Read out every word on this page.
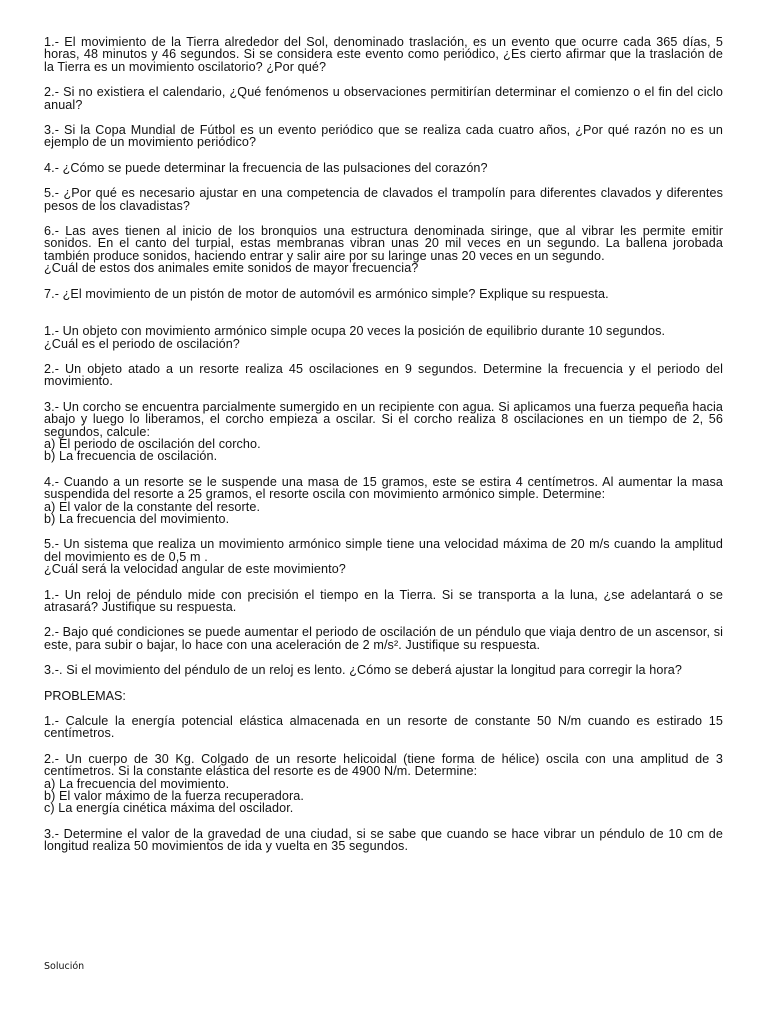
1.- El movimiento de la Tierra alrededor del Sol, denominado traslación, es un evento que ocurre cada 365 días, 5 horas, 48 minutos y 46 segundos. Si se considera este evento como periódico, ¿Es cierto afirmar que la traslación de la Tierra es un movimiento oscilatorio? ¿Por qué?

2.- Si no existiera el calendario, ¿Qué fenómenos u observaciones permitirían determinar el comienzo o el fin del ciclo anual?

3.- Si la Copa Mundial de Fútbol es un evento periódico que se realiza cada cuatro años, ¿Por qué razón no es un ejemplo de un movimiento periódico?

4.- ¿Cómo se puede determinar la frecuencia de las pulsaciones del corazón?

5.- ¿Por qué es necesario ajustar en una competencia de clavados el trampolín para diferentes clavados y diferentes pesos de los clavadistas?

6.- Las aves tienen al inicio de los bronquios una estructura denominada siringe, que al vibrar les permite emitir sonidos. En el canto del turpial, estas membranas vibran unas 20 mil veces en un segundo. La ballena jorobada también produce sonidos, haciendo entrar y salir aire por su laringe unas 20 veces en un segundo.
¿Cuál de estos dos animales emite sonidos de mayor frecuencia?

7.- ¿El movimiento de un pistón de motor de automóvil es armónico simple? Explique su respuesta.

1.- Un objeto con movimiento armónico simple ocupa 20 veces la posición de equilibrio durante 10 segundos.
¿Cuál es el periodo de oscilación?

2.- Un objeto atado a un resorte realiza 45 oscilaciones en 9 segundos. Determine la frecuencia y el periodo del movimiento.

3.- Un corcho se encuentra parcialmente sumergido en un recipiente con agua. Si aplicamos una fuerza pequeña hacia abajo y luego lo liberamos, el corcho empieza a oscilar. Si el corcho realiza 8 oscilaciones en un tiempo de 2, 56 segundos, calcule:
a) El periodo de oscilación del corcho.
b) La frecuencia de oscilación.

4.- Cuando a un resorte se le suspende una masa de 15 gramos, este se estira 4 centímetros. Al aumentar la masa suspendida del resorte a 25 gramos, el resorte oscila con movimiento armónico simple. Determine:
a) El valor de la constante del resorte.
b) La frecuencia del movimiento.

5.- Un sistema que realiza un movimiento armónico simple tiene una velocidad máxima de 20 m/s cuando la amplitud del movimiento es de 0,5 m .
¿Cuál será la velocidad angular de este movimiento?

1.- Un reloj de péndulo mide con precisión el tiempo en la Tierra. Si se transporta a la luna, ¿se adelantará o se atrasará? Justifique su respuesta.

2.- Bajo qué condiciones se puede aumentar el periodo de oscilación de un péndulo que viaja dentro de un ascensor, si este, para subir o bajar, lo hace con una aceleración de 2 m/s². Justifique su respuesta.

3.-. Si el movimiento del péndulo de un reloj es lento. ¿Cómo se deberá ajustar la longitud para corregir la hora?

PROBLEMAS:

1.- Calcule la energía potencial elástica almacenada en un resorte de constante 50 N/m cuando es estirado 15 centímetros.

2.- Un cuerpo de 30 Kg. Colgado de un resorte helicoidal (tiene forma de hélice) oscila con una amplitud de 3 centímetros. Si la constante elástica del resorte es de 4900 N/m. Determine:
a) La frecuencia del movimiento.
b) El valor máximo de la fuerza recuperadora.
c) La energía cinética máxima del oscilador.

3.- Determine el valor de la gravedad de una ciudad, si se sabe que cuando se hace vibrar un péndulo de 10 cm de longitud realiza 50 movimientos de ida y vuelta en 35 segundos.

Solución
